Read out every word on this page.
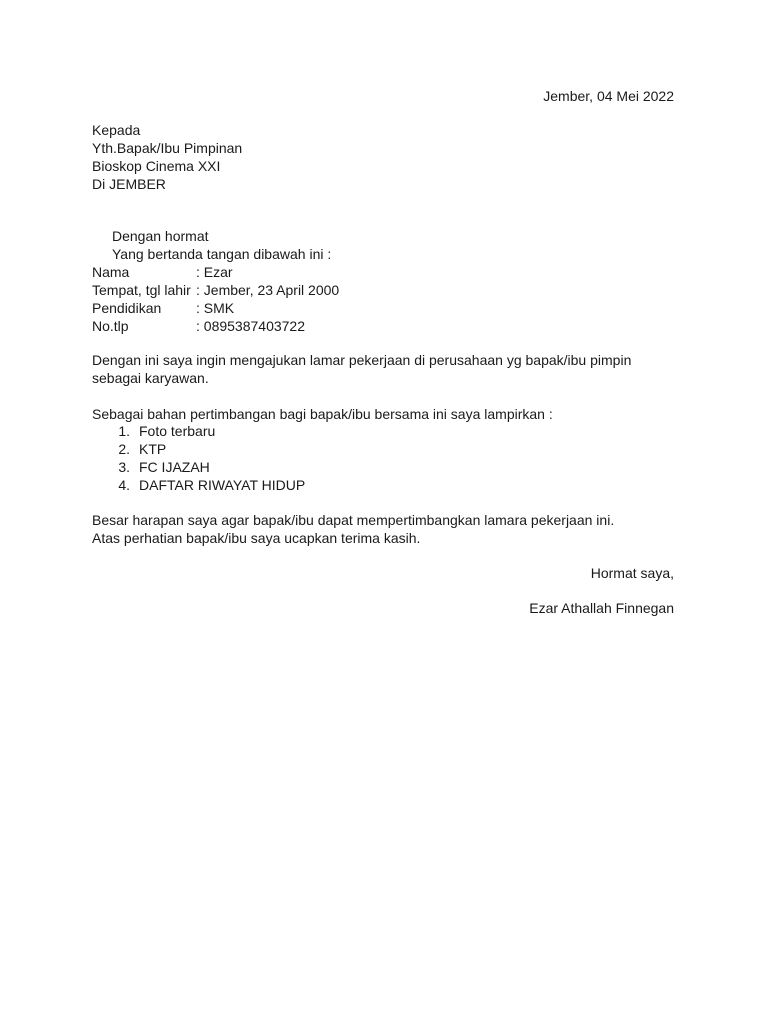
Jember, 04 Mei 2022
Kepada
Yth.Bapak/Ibu Pimpinan
Bioskop Cinema XXI
Di JEMBER
Dengan hormat
Yang bertanda tangan dibawah ini :
Nama	: Ezar
Tempat, tgl lahir : Jember, 23 April 2000
Pendidikan : SMK
No.tlp	: 0895387403722
Dengan ini saya ingin mengajukan lamar pekerjaan di perusahaan yg bapak/ibu pimpin
sebagai karyawan.
Sebagai bahan pertimbangan bagi bapak/ibu bersama ini saya lampirkan :
1. Foto terbaru
2. KTP
3. FC IJAZAH
4. DAFTAR RIWAYAT HIDUP
Besar harapan saya agar bapak/ibu dapat mempertimbangkan lamara pekerjaan ini.
Atas perhatian bapak/ibu saya ucapkan terima kasih.
Hormat saya,
Ezar Athallah Finnegan
